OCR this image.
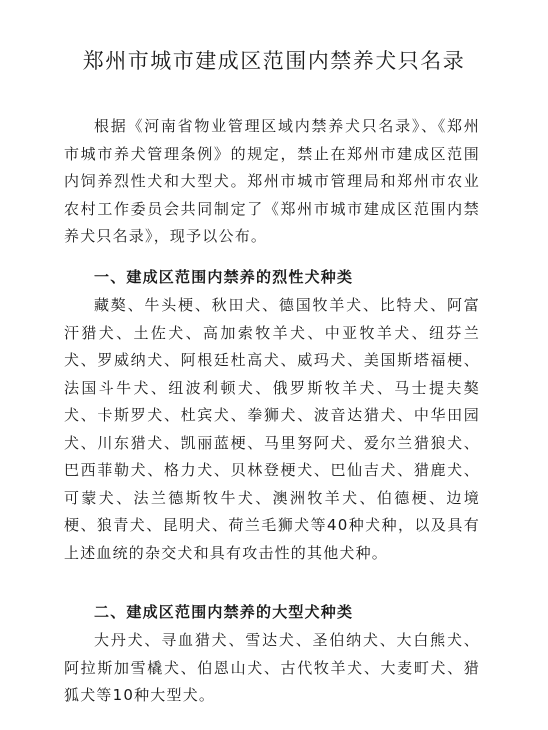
郑州市城市建成区范围内禁养犬只名录

根据《河南省物业管理区域内禁养犬只名录》、《郑州市城市养犬管理条例》的规定，禁止在郑州市建成区范围内饲养烈性犬和大型犬。郑州市城市管理局和郑州市农业农村工作委员会共同制定了《郑州市城市建成区范围内禁养犬只名录》，现予以公布。

一、建成区范围内禁养的烈性犬种类

藏獒、牛头梗、秋田犬、德国牧羊犬、比特犬、阿富汗猎犬、土佐犬、高加索牧羊犬、中亚牧羊犬、纽芬兰犬、罗威纳犬、阿根廷杜高犬、威玛犬、美国斯塔福梗、法国斗牛犬、纽波利顿犬、俄罗斯牧羊犬、马士提夫獒犬、卡斯罗犬、杜宾犬、拳狮犬、波音达猎犬、中华田园犬、川东猎犬、凯丽蓝梗、马里努阿犬、爱尔兰猎狼犬、巴西菲勒犬、格力犬、贝林登梗犬、巴仙吉犬、猎鹿犬、可蒙犬、法兰德斯牧牛犬、澳洲牧羊犬、伯德梗、边境梗、狼青犬、昆明犬、荷兰毛狮犬等40种犬种，以及具有上述血统的杂交犬和具有攻击性的其他犬种。

二、建成区范围内禁养的大型犬种类

大丹犬、寻血猎犬、雪达犬、圣伯纳犬、大白熊犬、阿拉斯加雪橇犬、伯恩山犬、古代牧羊犬、大麦町犬、猎狐犬等10种大型犬。
